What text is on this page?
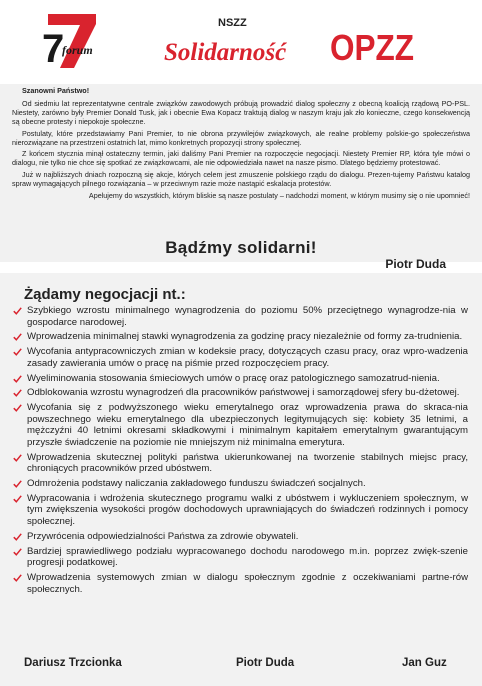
7
forum
NSZZ
Solidarność OPZZ
Szanowni Państwo!

Od siedmiu lat reprezentatywne centrale związków zawodowych próbują prowadzić dialog społeczny z obecną koalicją rządową PO-PSL. Niestety, zarówno były Premier Donald Tusk, jak i obecnie Ewa Kopacz traktują dialog w naszym kraju jak zło konieczne, czego konsekwencją są obecne protesty i niepokoje społeczne.

Postulaty, które przedstawiamy Pani Premier, to nie obrona przywilejów związkowych, ale realne problemy polskie-go społeczeństwa nierozwiązane na przestrzeni ostatnich lat, mimo konkretnych propozycji strony społecznej.

Z końcem stycznia minął ostateczny termin, jaki daliśmy Pani Premier na rozpoczęcie negocjacji. Niestety Premier RP, która tyle mówi o dialogu, nie tylko nie chce się spotkać ze związkowcami, ale nie odpowiedziała nawet na nasze pismo. Dlatego będziemy protestować.

Już w najbliższych dniach rozpoczną się akcje, których celem jest zmuszenie polskiego rządu do dialogu. Prezen-tujemy Państwu katalog spraw wymagających pilnego rozwiązania – w przeciwnym razie może nastąpić eskalacja protestów.

Apelujemy do wszystkich, którym bliskie są nasze postulaty – nadchodzi moment, w którym musimy się o nie upomnieć!

Bądźmy solidarni!
Piotr Duda
Żądamy negocjacji nt.:
Szybkiego wzrostu minimalnego wynagrodzenia do poziomu 50% przeciętnego wynagrodze-nia w gospodarce narodowej.
Wprowadzenia minimalnej stawki wynagrodzenia za godzinę pracy niezależnie od formy za-trudnienia.
Wycofania antypracowniczych zmian w kodeksie pracy, dotyczących czasu pracy, oraz wpro-wadzenia zasady zawierania umów o pracę na piśmie przed rozpoczęciem pracy.
Wyeliminowania stosowania śmieciowych umów o pracę oraz patologicznego samozatrud-nienia.
Odblokowania wzrostu wynagrodzeń dla pracowników państwowej i samorządowej sfery bu-dżetowej.
Wycofania się z podwyższonego wieku emerytalnego oraz wprowadzenia prawa do skraca-nia powszechnego wieku emerytalnego dla ubezpieczonych legitymujących się: kobiety 35 letnimi, a mężczyźni 40 letnimi okresami składkowymi i minimalnym kapitałem emerytalnym gwarantującym przyszłe świadczenie na poziomie nie mniejszym niż minimalna emerytura.
Wprowadzenia skutecznej polityki państwa ukierunkowanej na tworzenie stabilnych miejsc pracy, chroniących pracowników przed ubóstwem.
Odmrożenia podstawy naliczania zakładowego funduszu świadczeń socjalnych.
Wypracowania i wdrożenia skutecznego programu walki z ubóstwem i wykluczeniem społecznym, w tym zwiększenia wysokości progów dochodowych uprawniających do świadczeń rodzinnych i pomocy społecznej.
Przywrócenia odpowiedzialności Państwa za zdrowie obywateli.
Bardziej sprawiedliwego podziału wypracowanego dochodu narodowego m.in. poprzez zwięk-szenie progresji podatkowej.
Wprowadzenia systemowych zmian w dialogu społecznym zgodnie z oczekiwaniami partne-rów społecznych.
Dariusz Trzcionka	Piotr Duda	Jan Guz
